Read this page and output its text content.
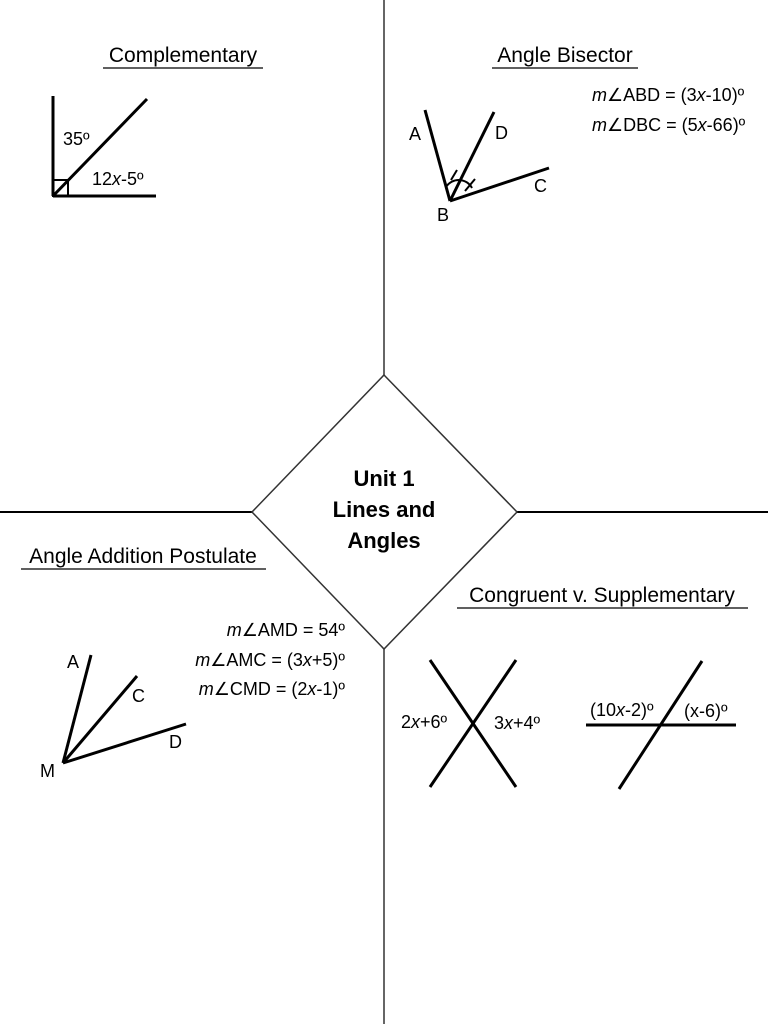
Unit 1
Lines and
Angles
Complementary
35º
12x-5º
Angle Bisector
m∠ABD = (3x-10)º
m∠DBC = (5x-66)º
A	D
C
B
Angle Addition Postulate
m∠AMD = 54º
m∠AMC = (3x+5)º
m∠CMD = (2x-1)º
A
C
D
M
Congruent v. Supplementary
2x+6º	3x+4º
(10x-2)º (x-6)º
